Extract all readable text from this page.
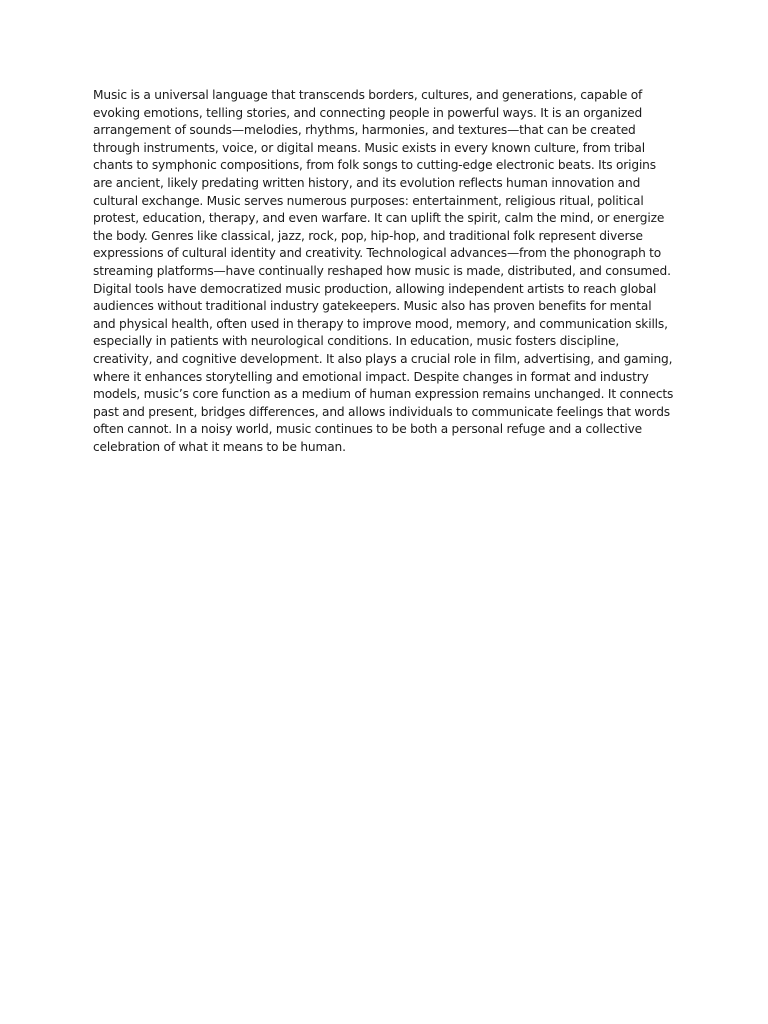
Music is a universal language that transcends borders, cultures, and generations, capable of evoking emotions, telling stories, and connecting people in powerful ways. It is an organized arrangement of sounds—melodies, rhythms, harmonies, and textures—that can be created through instruments, voice, or digital means. Music exists in every known culture, from tribal chants to symphonic compositions, from folk songs to cutting-edge electronic beats. Its origins are ancient, likely predating written history, and its evolution reflects human innovation and cultural exchange. Music serves numerous purposes: entertainment, religious ritual, political protest, education, therapy, and even warfare. It can uplift the spirit, calm the mind, or energize the body. Genres like classical, jazz, rock, pop, hip-hop, and traditional folk represent diverse expressions of cultural identity and creativity. Technological advances—from the phonograph to streaming platforms—have continually reshaped how music is made, distributed, and consumed. Digital tools have democratized music production, allowing independent artists to reach global audiences without traditional industry gatekeepers. Music also has proven benefits for mental and physical health, often used in therapy to improve mood, memory, and communication skills, especially in patients with neurological conditions. In education, music fosters discipline, creativity, and cognitive development. It also plays a crucial role in film, advertising, and gaming, where it enhances storytelling and emotional impact. Despite changes in format and industry models, music’s core function as a medium of human expression remains unchanged. It connects past and present, bridges differences, and allows individuals to communicate feelings that words often cannot. In a noisy world, music continues to be both a personal refuge and a collective celebration of what it means to be human.
